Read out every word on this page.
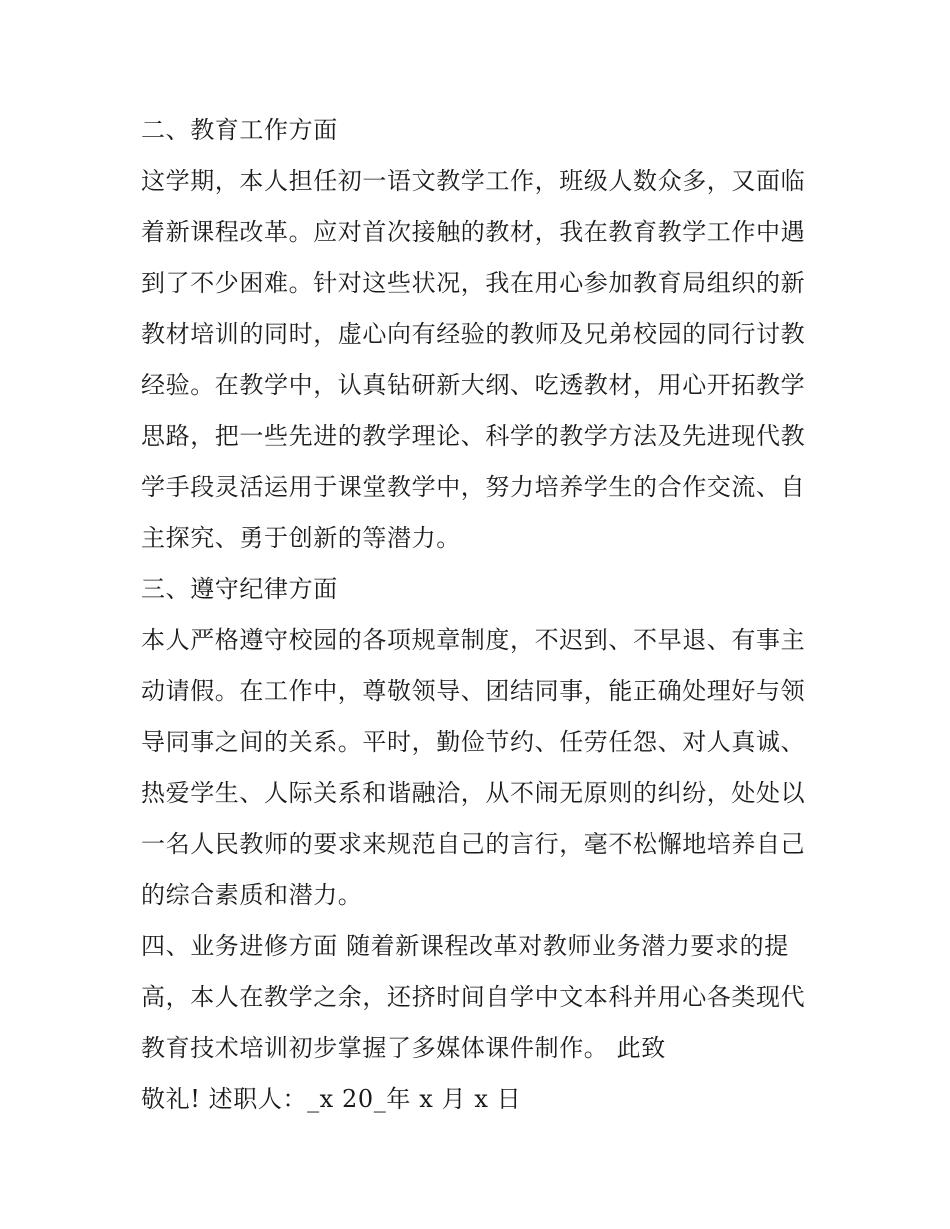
二、教育工作方面
这学期，本人担任初一语文教学工作，班级人数众多，又面临
着新课程改革。应对首次接触的教材，我在教育教学工作中遇
到了不少困难。针对这些状况，我在用心参加教育局组织的新
教材培训的同时，虚心向有经验的教师及兄弟校园的同行讨教
经验。在教学中，认真钻研新大纲、吃透教材，用心开拓教学
思路，把一些先进的教学理论、科学的教学方法及先进现代教
学手段灵活运用于课堂教学中，努力培养学生的合作交流、自
主探究、勇于创新的等潜力。
三、遵守纪律方面
本人严格遵守校园的各项规章制度，不迟到、不早退、有事主
动请假。在工作中，尊敬领导、团结同事，能正确处理好与领
导同事之间的关系。平时，勤俭节约、任劳任怨、对人真诚、
热爱学生、人际关系和谐融洽，从不闹无原则的纠纷，处处以
一名人民教师的要求来规范自己的言行，毫不松懈地培养自己
的综合素质和潜力。
四、业务进修方面 随着新课程改革对教师业务潜力要求的提
高，本人在教学之余，还挤时间自学中文本科并用心各类现代
教育技术培训初步掌握了多媒体课件制作。 此致
敬礼! 述职人：_x 20_年 x 月 x 日
